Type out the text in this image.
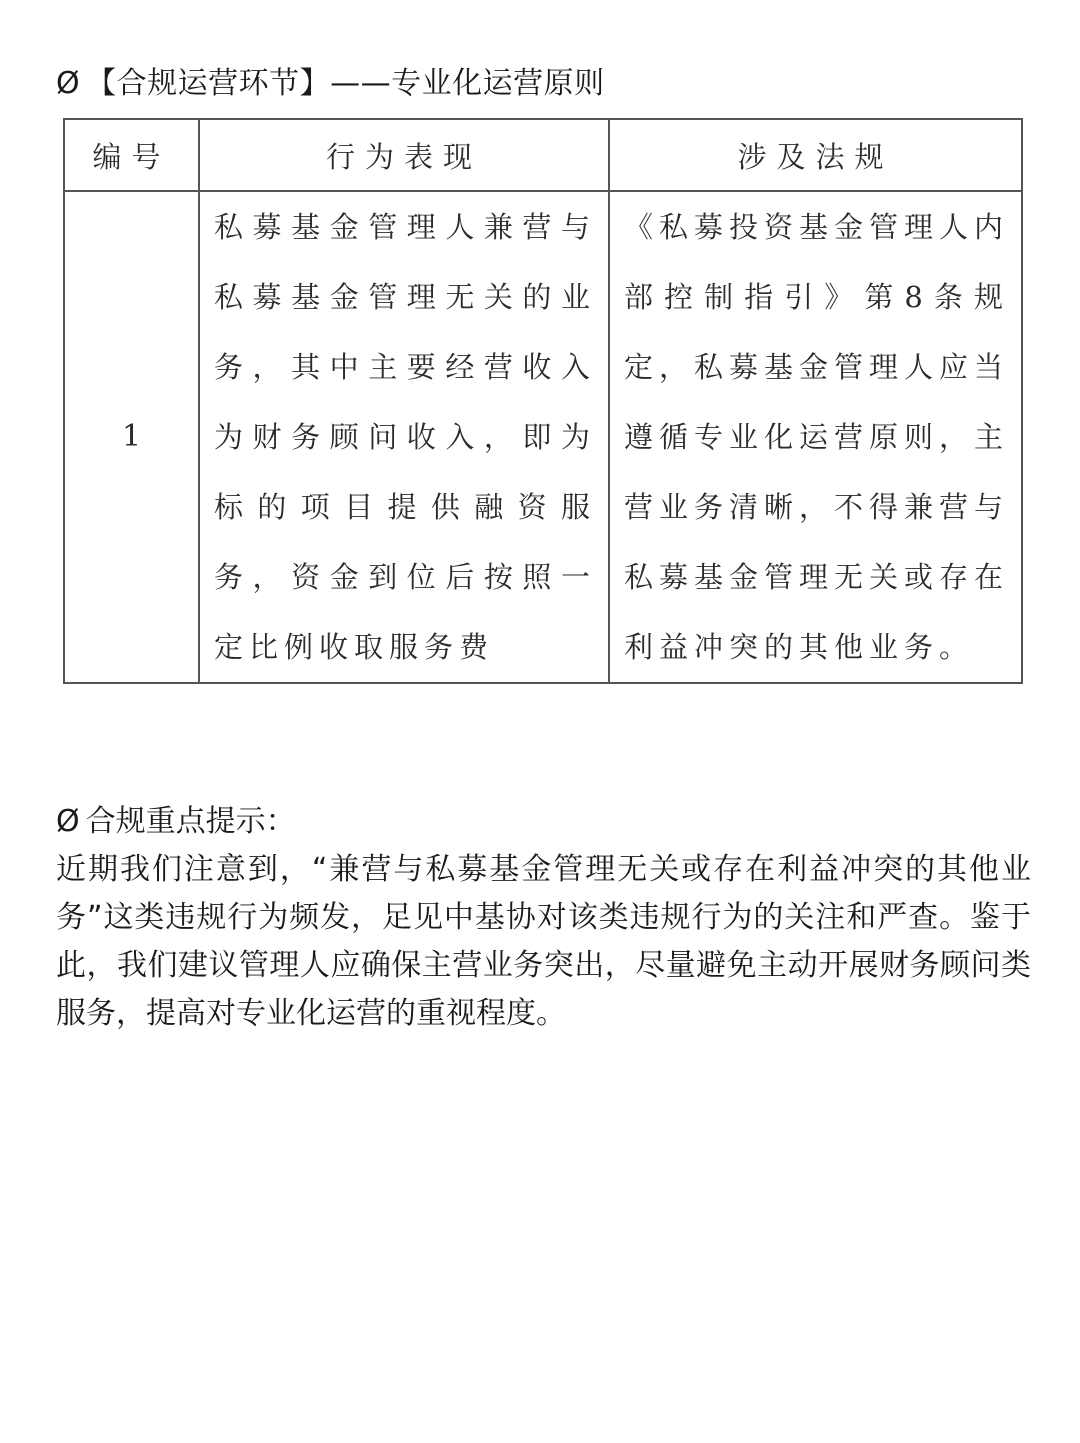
Ø 【合规运营环节】——专业化运营原则
编号	行为表现	涉及法规
1	私募基金管理人兼营与私募基金管理无关的业务，其中主要经营收入为财务顾问收入，即为标的项目提供融资服务，资金到位后按照一定比例收取服务费	《私募投资基金管理人内部控制指引》第8条规定，私募基金管理人应当遵循专业化运营原则，主营业务清晰，不得兼营与私募基金管理无关或存在利益冲突的其他业务。
Ø 合规重点提示：

近期我们注意到，“兼营与私募基金管理无关或存在利益冲突的其他业务”这类违规行为频发，足见中基协对该类违规行为的关注和严查。鉴于此，我们建议管理人应确保主营业务突出，尽量避免主动开展财务顾问类服务，提高对专业化运营的重视程度。
